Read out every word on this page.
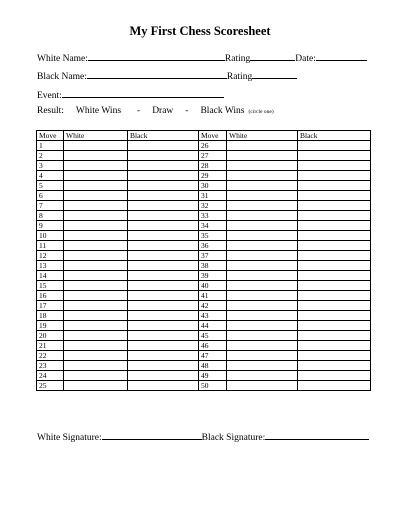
My First Chess Scoresheet
White Name:	Rating	Date:
Black Name:	Rating
Event:
Result: White Wins - Draw - Black Wins (circle one)
Move	White	Black	Move	White	Black
1			26		
2			27		
3			28		
4			29		
5			30		
6			31		
7			32		
8			33		
9			34		
10			35		
11			36		
12			37		
13			38		
14			39		
15			40		
16			41		
17			42		
18			43		
19			44		
20			45		
21			46		
22			47		
23			48		
24			49		
25			50		
White Signature:	Black Signature:
